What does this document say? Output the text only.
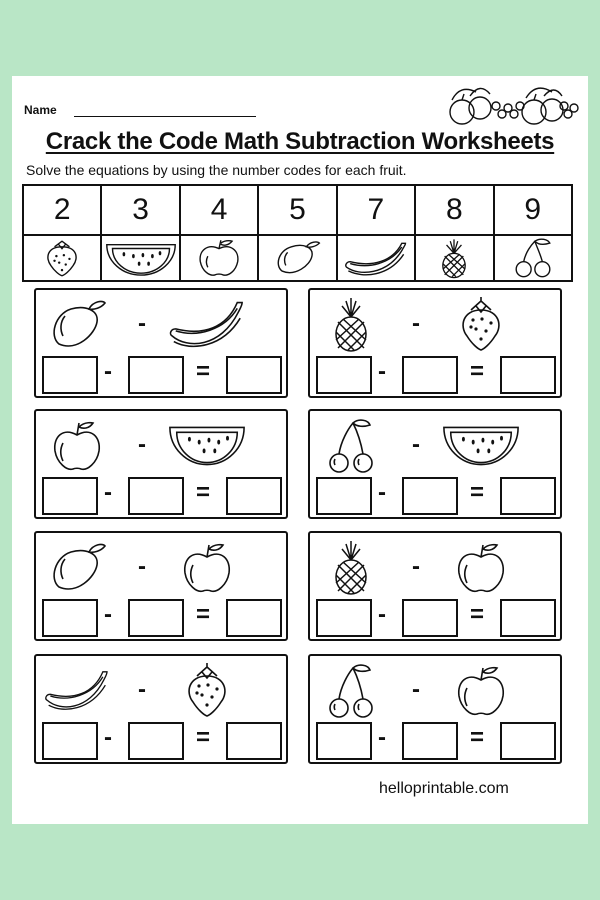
Name
Crack the Code Math Subtraction Worksheets
Solve the equations by using the number codes for each fruit.
2	3	4	5	7	8	9
-
-	=
-
-	=
-
-	=
-
-	=
-
-	=
-
-	=
-
-	=
-
-	=
helloprintable.com
